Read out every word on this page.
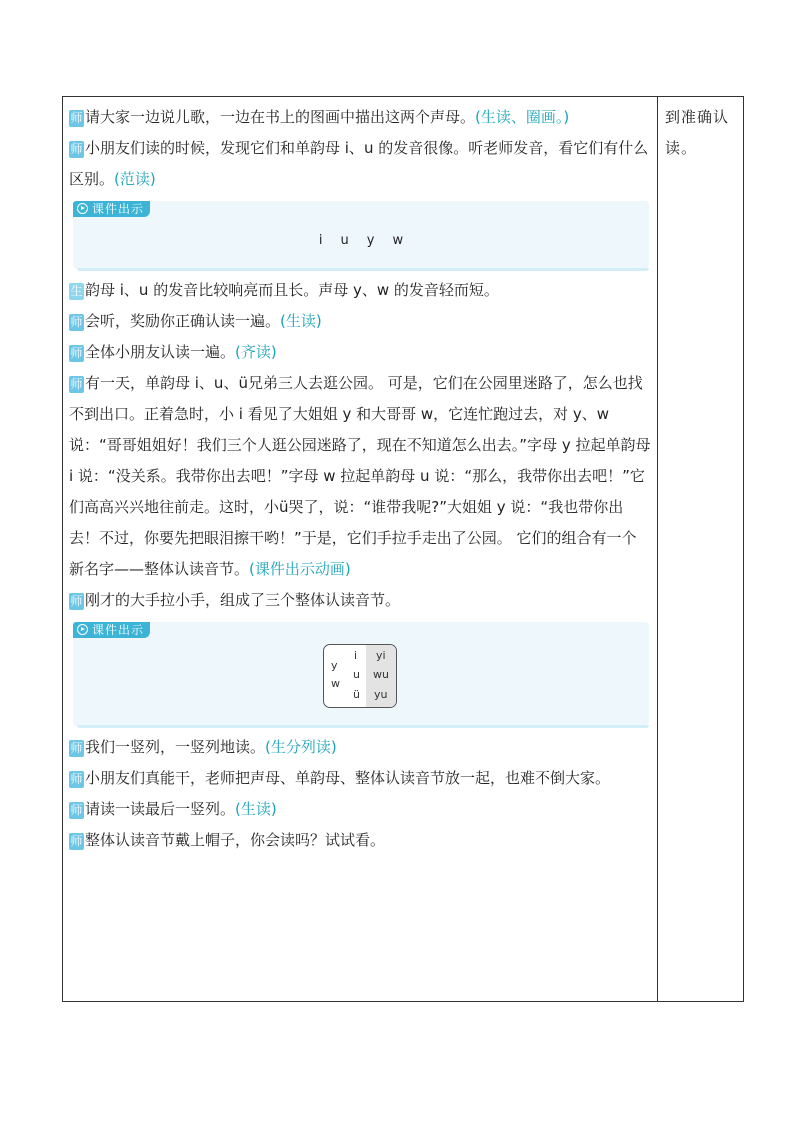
师 请大家一边说儿歌，一边在书上的图画中描出这两个声母。(生读、圈画。)

师 小朋友们读的时候，发现它们和单韵母 i、u 的发音很像。听老师发音，看它们有什么区别。(范读)

课件出示
i u y w

生 韵母 i、u 的发音比较响亮而且长。声母 y、w 的发音轻而短。

师 会听，奖励你正确认读一遍。(生读)

师 全体小朋友认读一遍。(齐读)

师 有一天，单韵母 i、u、ü兄弟三人去逛公园。 可是，它们在公园里迷路了，怎么也找不到出口。正着急时，小 i 看见了大姐姐 y 和大哥哥 w，它连忙跑过去，对 y、w 说：“哥哥姐姐好！我们三个人逛公园迷路了，现在不知道怎么出去。”字母 y 拉起单韵母 i 说：“没关系。我带你出去吧！”字母 w 拉起单韵母 u 说：“那么，我带你出去吧！”它们高高兴兴地往前走。这时，小ü哭了，说：“谁带我呢?”大姐姐 y 说：“我也带你出去！不过，你要先把眼泪擦干哟！”于是，它们手拉手走出了公园。 它们的组合有一个新名字——整体认读音节。(课件出示动画)

师 刚才的大手拉小手，组成了三个整体认读音节。

课件出示
y
w
i
u
ü
yi
wu
yu

师 我们一竖列，一竖列地读。(生分列读)

师 小朋友们真能干，老师把声母、单韵母、整体认读音节放一起，也难不倒大家。

师 请读一读最后一竖列。(生读)

师 整体认读音节戴上帽子，你会读吗？试试看。

到准确认读。
